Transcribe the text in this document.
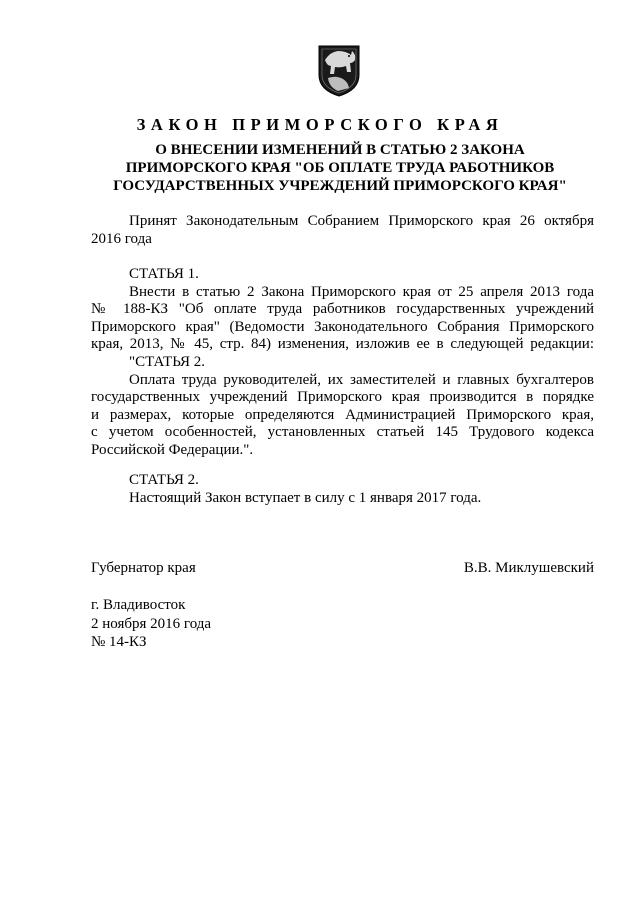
ЗАКОН ПРИМОРСКОГО КРАЯ
О ВНЕСЕНИИ ИЗМЕНЕНИЙ В СТАТЬЮ 2 ЗАКОНА
ПРИМОРСКОГО КРАЯ "ОБ ОПЛАТЕ ТРУДА РАБОТНИКОВ
ГОСУДАРСТВЕННЫХ УЧРЕЖДЕНИЙ ПРИМОРСКОГО КРАЯ"
Принят Законодательным Собранием Приморского края 26 октября
2016 года
СТАТЬЯ 1.
Внести в статью 2 Закона Приморского края от 25 апреля 2013 года
№ 188-КЗ "Об оплате труда работников государственных учреждений
Приморского края" (Ведомости Законодательного Собрания Приморского
края, 2013, № 45, стр. 84) изменения, изложив ее в следующей редакции:
"СТАТЬЯ 2.
Оплата труда руководителей, их заместителей и главных бухгалтеров
государственных учреждений Приморского края производится в порядке
и размерах, которые определяются Администрацией Приморского края,
с учетом особенностей, установленных статьей 145 Трудового кодекса
Российской Федерации.".
СТАТЬЯ 2.
Настоящий Закон вступает в силу с 1 января 2017 года.
Губернатор края	В.В. Миклушевский
г. Владивосток
2 ноября 2016 года
№ 14-КЗ
